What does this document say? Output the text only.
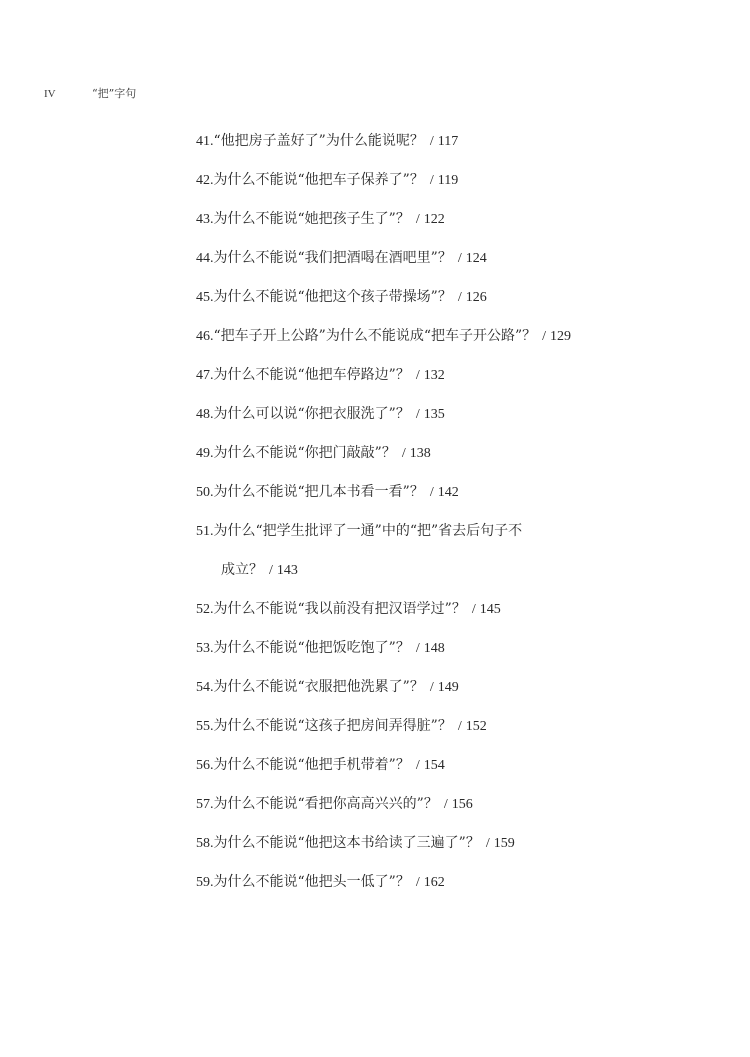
IV	“把”字句
41.“他把房子盖好了”为什么能说呢？ / 117
42.为什么不能说“他把车子保养了”？ / 119
43.为什么不能说“她把孩子生了”？ / 122
44.为什么不能说“我们把酒喝在酒吧里”？ / 124
45.为什么不能说“他把这个孩子带操场”？ / 126
46.“把车子开上公路”为什么不能说成“把车子开公路”？ / 129
47.为什么不能说“他把车停路边”？ / 132
48.为什么可以说“你把衣服洗了”？ / 135
49.为什么不能说“你把门敲敲”？ / 138
50.为什么不能说“把几本书看一看”？ / 142
51.为什么“把学生批评了一通”中的“把”省去后句子不
成立？ / 143
52.为什么不能说“我以前没有把汉语学过”？ / 145
53.为什么不能说“他把饭吃饱了”？ / 148
54.为什么不能说“衣服把他洗累了”？ / 149
55.为什么不能说“这孩子把房间弄得脏”？ / 152
56.为什么不能说“他把手机带着”？ / 154
57.为什么不能说“看把你高高兴兴的”？ / 156
58.为什么不能说“他把这本书给读了三遍了”？ / 159
59.为什么不能说“他把头一低了”？ / 162
